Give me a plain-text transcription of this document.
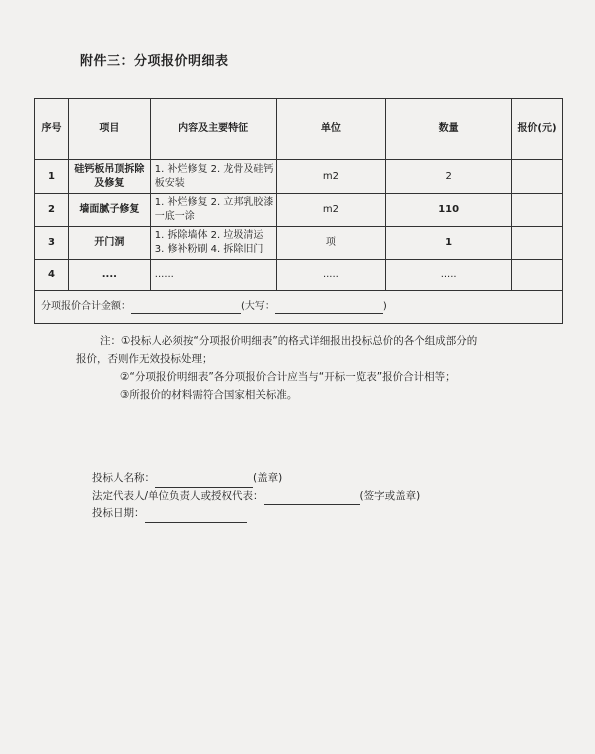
附件三：分项报价明细表
序号	项目	内容及主要特征	单位	数量	报价(元)
1	硅钙板吊顶拆除及修复	1. 补烂修复 2. 龙骨及硅钙板安装	m2	2	
2	墙面腻子修复	1. 补烂修复 2. 立邦乳胶漆一底一涂	m2	110	
3	开门洞	1. 拆除墙体 2. 垃圾清运 3. 修补粉刷 4. 拆除旧门	项	1	
4	....	......	.....	.....	
分项报价合计金额： (大写： )					

注：①投标人必须按“分项报价明细表”的格式详细报出投标总价的各个组成部分的

报价，否则作无效投标处理；

②“分项报价明细表”各分项报价合计应当与“开标一览表”报价合计相等；

③所报价的材料需符合国家相关标准。

投标人名称：	(盖章)

法定代表人/单位负责人或授权代表：	(签字或盖章)

投标日期：
